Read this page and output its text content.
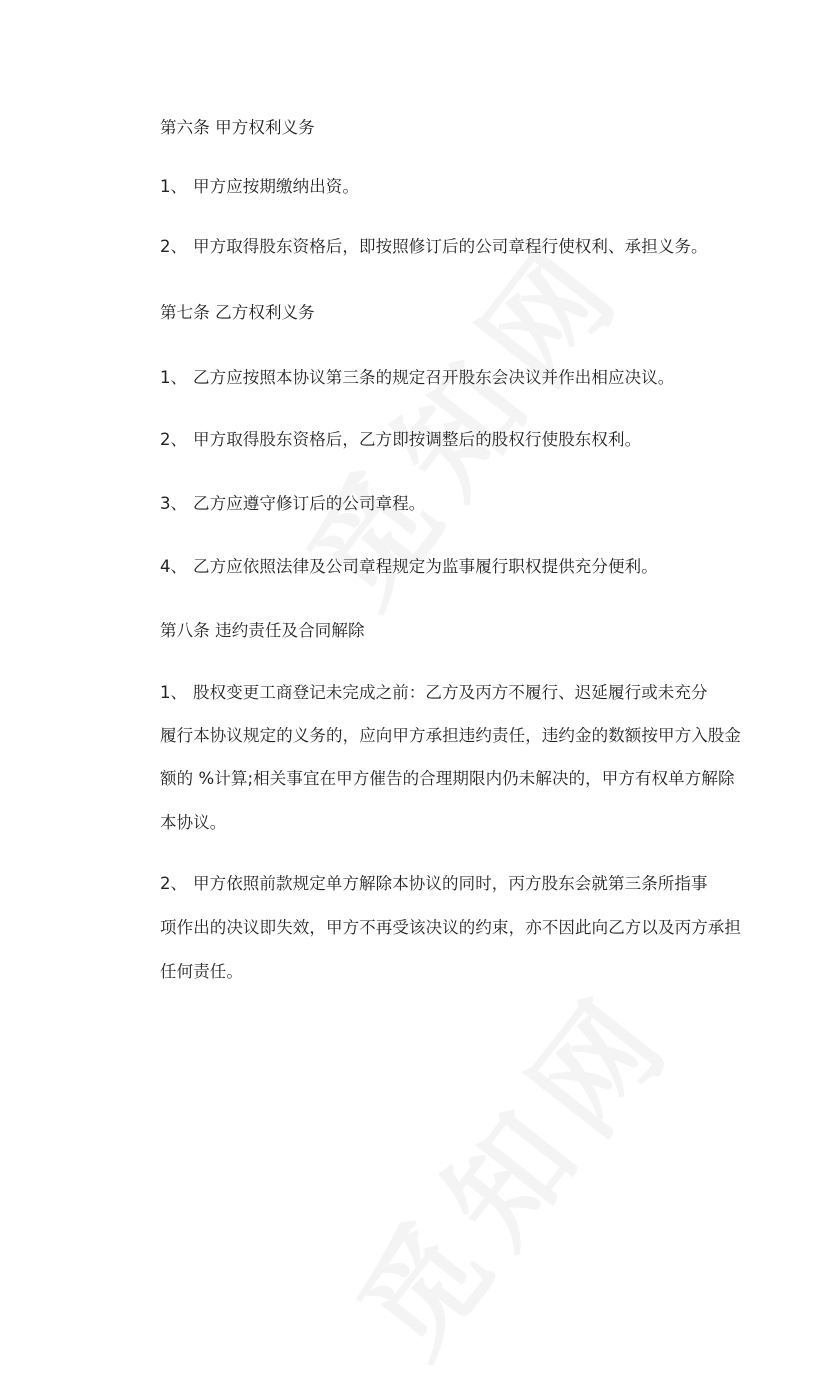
第六条 甲方权利义务
1、 甲方应按期缴纳出资。
2、 甲方取得股东资格后，即按照修订后的公司章程行使权利、承担义务。
第七条 乙方权利义务
1、 乙方应按照本协议第三条的规定召开股东会决议并作出相应决议。
2、 甲方取得股东资格后，乙方即按调整后的股权行使股东权利。
3、 乙方应遵守修订后的公司章程。
4、 乙方应依照法律及公司章程规定为监事履行职权提供充分便利。
第八条 违约责任及合同解除
1、 股权变更工商登记未完成之前：乙方及丙方不履行、迟延履行或未充分
履行本协议规定的义务的，应向甲方承担违约责任，违约金的数额按甲方入股金
额的 %计算;相关事宜在甲方催告的合理期限内仍未解决的，甲方有权单方解除
本协议。
2、 甲方依照前款规定单方解除本协议的同时，丙方股东会就第三条所指事
项作出的决议即失效，甲方不再受该决议的约束，亦不因此向乙方以及丙方承担
任何责任。
